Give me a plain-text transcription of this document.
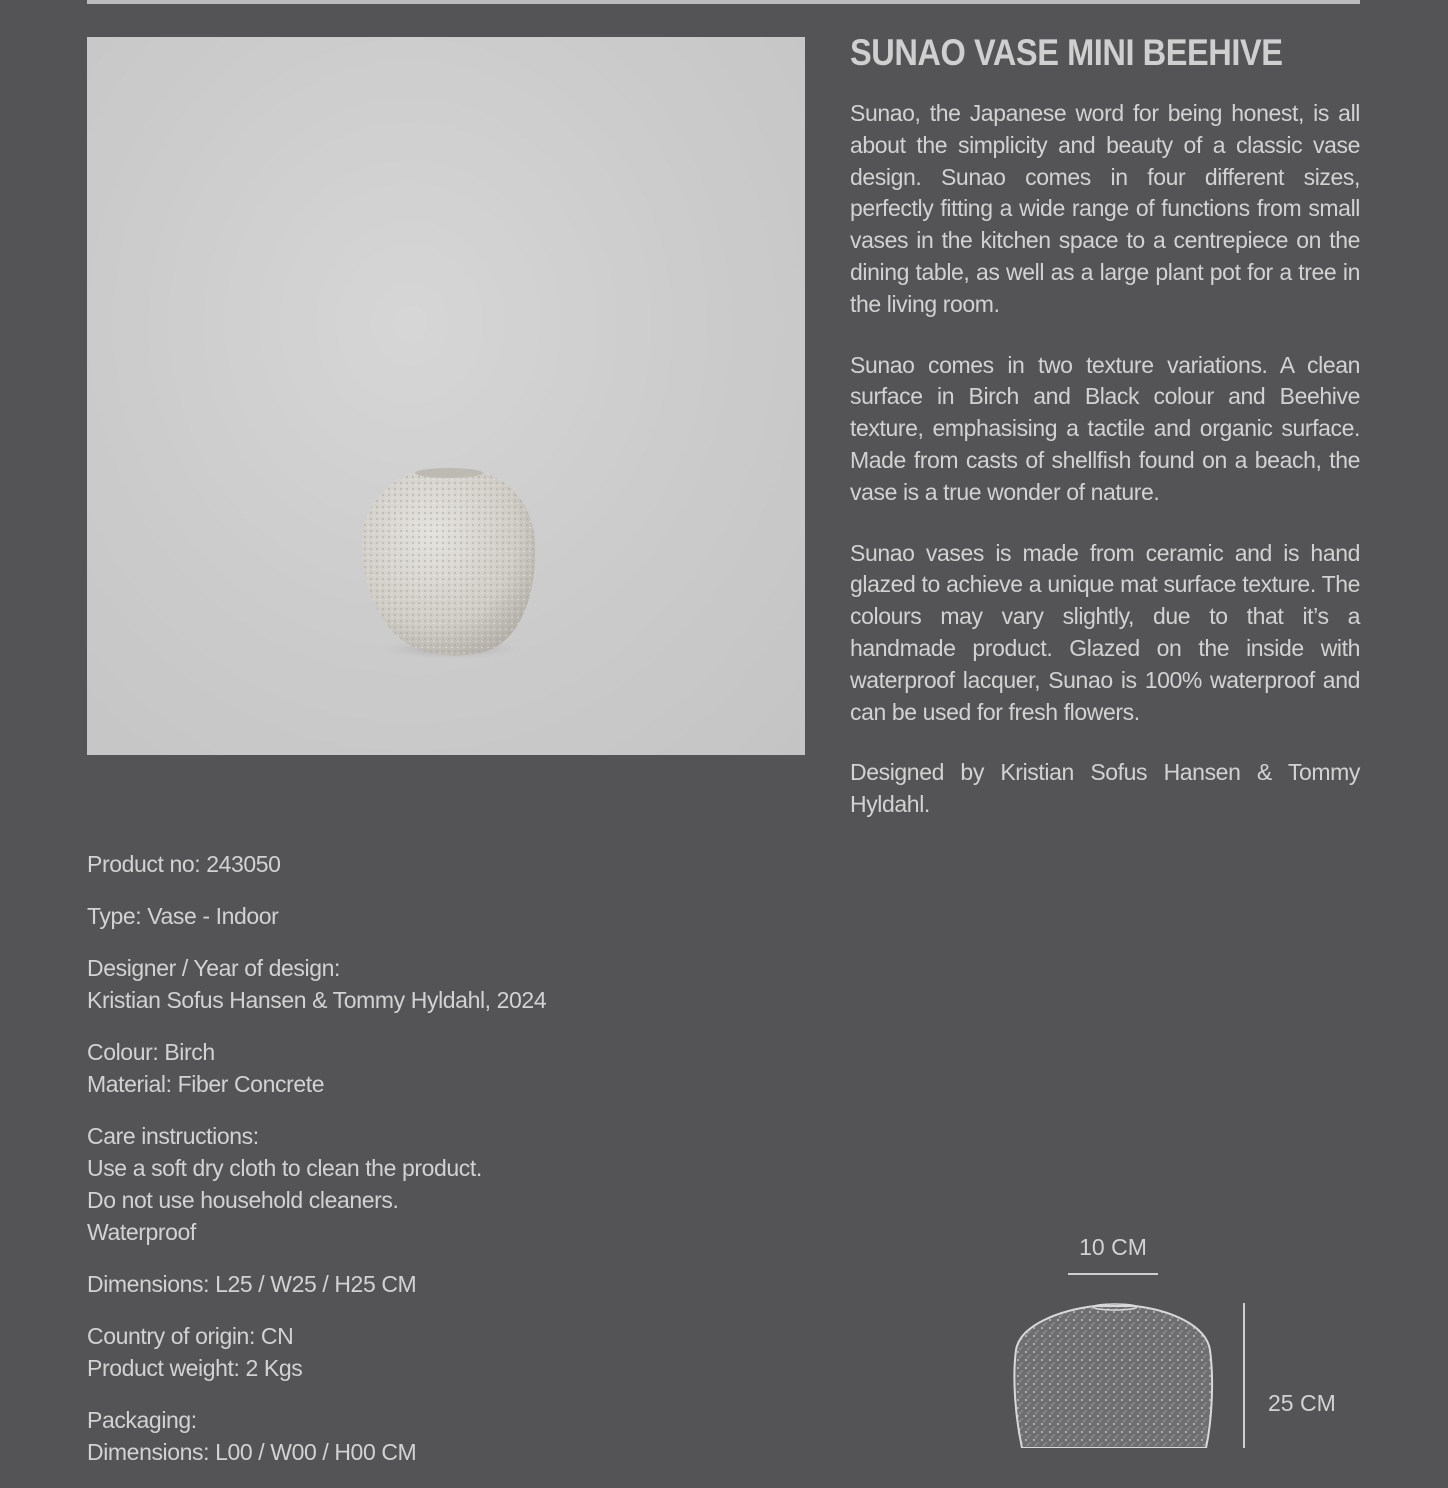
SUNAO VASE MINI BEEHIVE

Sunao, the Japanese word for being honest, is all about the simplicity and beauty of a classic vase design. Sunao comes in four different sizes, perfectly fitting a wide range of functions from small vases in the kitchen space to a centrepiece on the dining table, as well as a large plant pot for a tree in the living room.

Sunao comes in two texture variations. A clean surface in Birch and Black colour and Beehive texture, emphasising a tactile and organic surface. Made from casts of shellfish found on a beach, the vase is a true wonder of nature.

Sunao vases is made from ceramic and is hand glazed to achieve a unique mat surface texture. The colours may vary slightly, due to that it’s a handmade product. Glazed on the inside with waterproof lacquer, Sunao is 100% waterproof and can be used for fresh flowers.

Designed by Kristian Sofus Hansen & Tommy Hyldahl.

Product no: 243050
Type: Vase - Indoor
Designer / Year of design:
Kristian Sofus Hansen & Tommy Hyldahl, 2024
Colour: Birch
Material: Fiber Concrete
Care instructions:
Use a soft dry cloth to clean the product.
Do not use household cleaners.
Waterproof
Dimensions: L25 / W25 / H25 CM
Country of origin: CN
Product weight: 2 Kgs
Packaging:
Dimensions: L00 / W00 / H00 CM
10 CM
25 CM
